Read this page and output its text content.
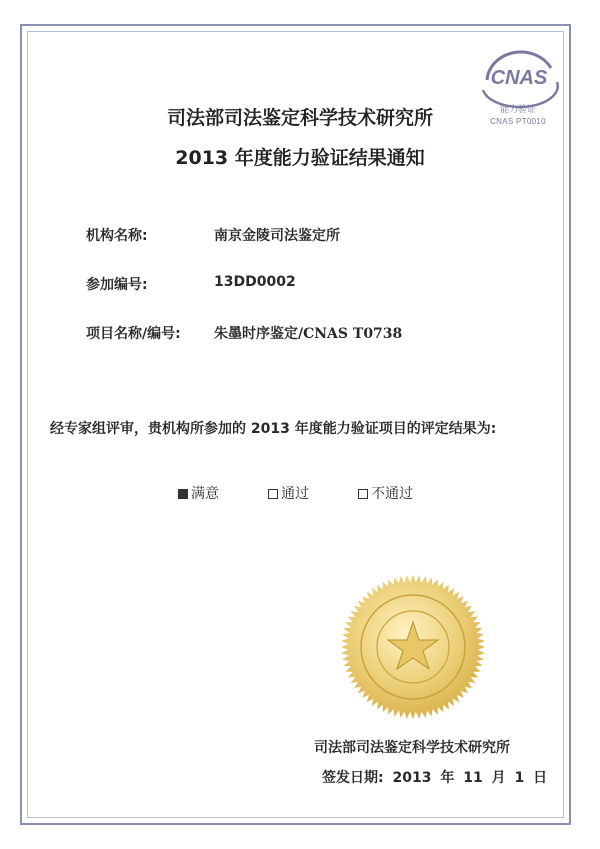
CNAS
能力验证
CNAS PT0010
司法部司法鉴定科学技术研究所
2013 年度能力验证结果通知
机构名称:	南京金陵司法鉴定所
参加编号:	13DD0002
项目名称/编号: 朱墨时序鉴定/CNAS T0738
经专家组评审，贵机构所参加的 2013 年度能力验证项目的评定结果为:
满意	通过	不通过
司法部司法鉴定科学技术研究所
签发日期: 2013 年 11 月 1 日
